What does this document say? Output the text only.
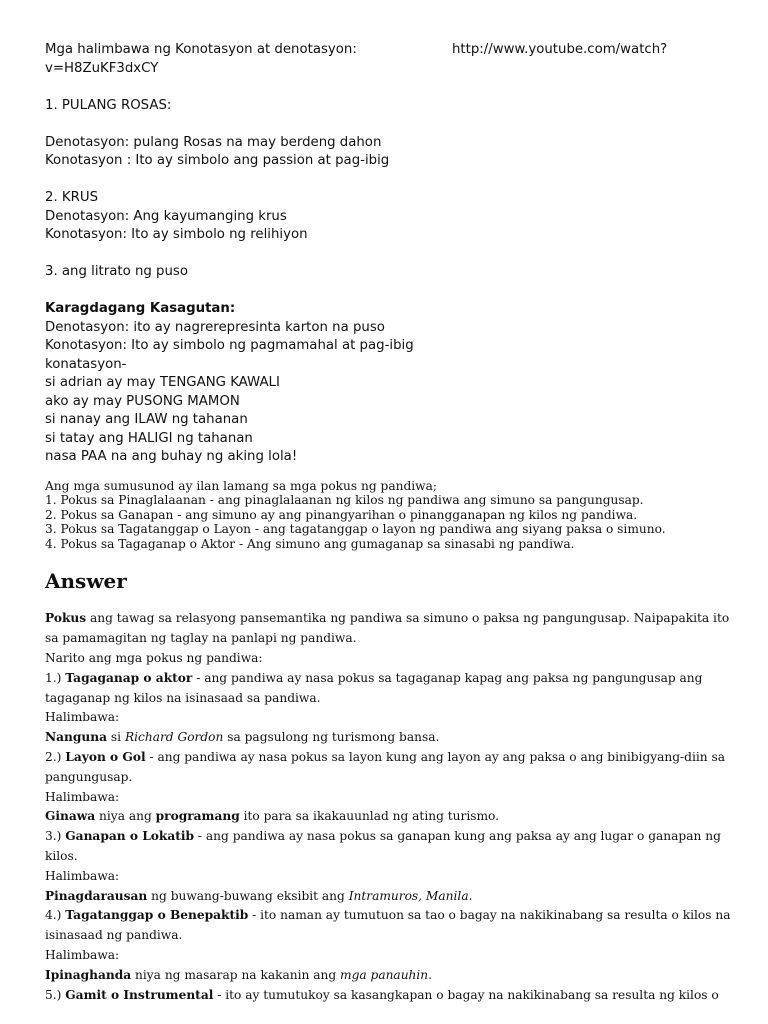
Mga halimbawa ng Konotasyon at denotasyon:	http://www.youtube.com/watch?
v=H8ZuKF3dxCY
1. PULANG ROSAS:
Denotasyon: pulang Rosas na may berdeng dahon
Konotasyon : Ito ay simbolo ang passion at pag-ibig
2. KRUS
Denotasyon: Ang kayumanging krus
Konotasyon: Ito ay simbolo ng relihiyon
3. ang litrato ng puso
Karagdagang Kasagutan:
Denotasyon: ito ay nagrerepresinta karton na puso
Konotasyon: Ito ay simbolo ng pagmamahal at pag-ibig
konatasyon-
si adrian ay may TENGANG KAWALI
ako ay may PUSONG MAMON
si nanay ang ILAW ng tahanan
si tatay ang HALIGI ng tahanan
nasa PAA na ang buhay ng aking lola!
Ang mga sumusunod ay ilan lamang sa mga pokus ng pandiwa;
1. Pokus sa Pinaglalaanan - ang pinaglalaanan ng kilos ng pandiwa ang simuno sa pangungusap.
2. Pokus sa Ganapan - ang simuno ay ang pinangyarihan o pinangganapan ng kilos ng pandiwa.
3. Pokus sa Tagatanggap o Layon - ang tagatanggap o layon ng pandiwa ang siyang paksa o simuno.
4. Pokus sa Tagaganap o Aktor - Ang simuno ang gumaganap sa sinasabi ng pandiwa.
Answer
Pokus ang tawag sa relasyong pansemantika ng pandiwa sa simuno o paksa ng pangungusap. Naipapakita ito sa pamamagitan ng taglay na panlapi ng pandiwa.
Narito ang mga pokus ng pandiwa:
1.) Tagaganap o aktor - ang pandiwa ay nasa pokus sa tagaganap kapag ang paksa ng pangungusap ang tagaganap ng kilos na isinasaad sa pandiwa.
Halimbawa:
Nanguna si Richard Gordon sa pagsulong ng turismong bansa.
2.) Layon o Gol - ang pandiwa ay nasa pokus sa layon kung ang layon ay ang paksa o ang binibigyang-diin sa pangungusap.
Halimbawa:
Ginawa niya ang programang ito para sa ikakauunlad ng ating turismo.
3.) Ganapan o Lokatib - ang pandiwa ay nasa pokus sa ganapan kung ang paksa ay ang lugar o ganapan ng kilos.
Halimbawa:
Pinagdarausan ng buwang-buwang eksibit ang Intramuros, Manila.
4.) Tagatanggap o Benepaktib - ito naman ay tumutuon sa tao o bagay na nakikinabang sa resulta o kilos na isinasaad ng pandiwa.
Halimbawa:
Ipinaghanda niya ng masarap na kakanin ang mga panauhin.
5.) Gamit o Instrumental - ito ay tumutukoy sa kasangkapan o bagay na nakikinabang sa resulta ng kilos o
